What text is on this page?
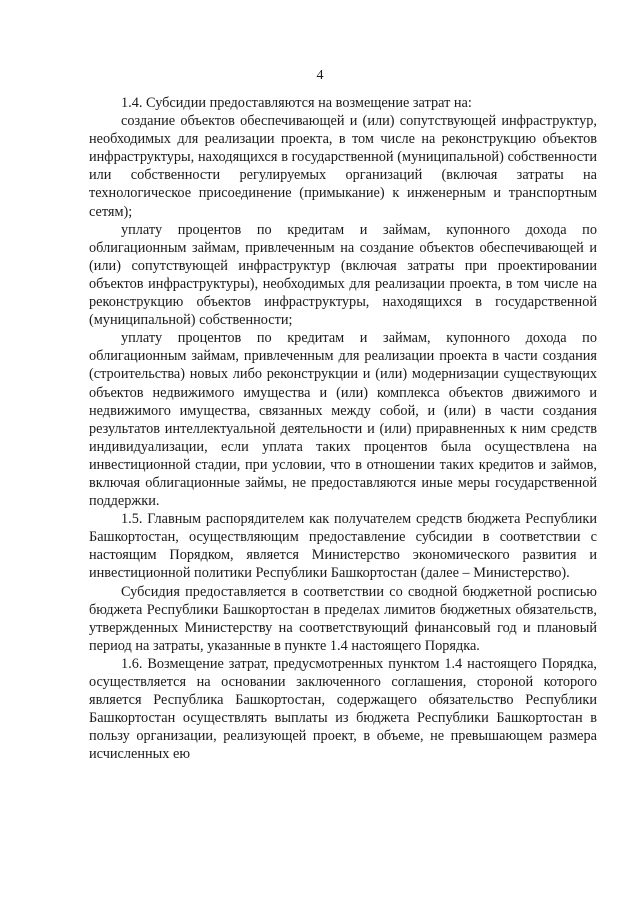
4

1.4. Субсидии предоставляются на возмещение затрат на:

создание объектов обеспечивающей и (или) сопутствующей инфраструктур, необходимых для реализации проекта, в том числе на реконструкцию объектов инфраструктуры, находящихся в государственной (муниципальной) собственности или собственности регулируемых организаций (включая затраты на технологическое присоединение (примыкание) к инженерным и транспортным сетям);

уплату процентов по кредитам и займам, купонного дохода по облигационным займам, привлеченным на создание объектов обеспечивающей и (или) сопутствующей инфраструктур (включая затраты при проектировании объектов инфраструктуры), необходимых для реализации проекта, в том числе на реконструкцию объектов инфраструктуры, находящихся в государственной (муниципальной) собственности;

уплату процентов по кредитам и займам, купонного дохода по облигационным займам, привлеченным для реализации проекта в части создания (строительства) новых либо реконструкции и (или) модернизации существующих объектов недвижимого имущества и (или) комплекса объектов движимого и недвижимого имущества, связанных между собой, и (или) в части создания результатов интеллектуальной деятельности и (или) приравненных к ним средств индивидуализации, если уплата таких процентов была осуществлена на инвестиционной стадии, при условии, что в отношении таких кредитов и займов, включая облигационные займы, не предоставляются иные меры государственной поддержки.

1.5. Главным распорядителем как получателем средств бюджета Республики Башкортостан, осуществляющим предоставление субсидии в соответствии с настоящим Порядком, является Министерство экономического развития и инвестиционной политики Республики Башкортостан (далее – Министерство).

Субсидия предоставляется в соответствии со сводной бюджетной росписью бюджета Республики Башкортостан в пределах лимитов бюджетных обязательств, утвержденных Министерству на соответствующий финансовый год и плановый период на затраты, указанные в пункте 1.4 настоящего Порядка.

1.6. Возмещение затрат, предусмотренных пунктом 1.4 настоящего Порядка, осуществляется на основании заключенного соглашения, стороной которого является Республика Башкортостан, содержащего обязательство Республики Башкортостан осуществлять выплаты из бюджета Республики Башкортостан в пользу организации, реализующей проект, в объеме, не превышающем размера исчисленных ею
